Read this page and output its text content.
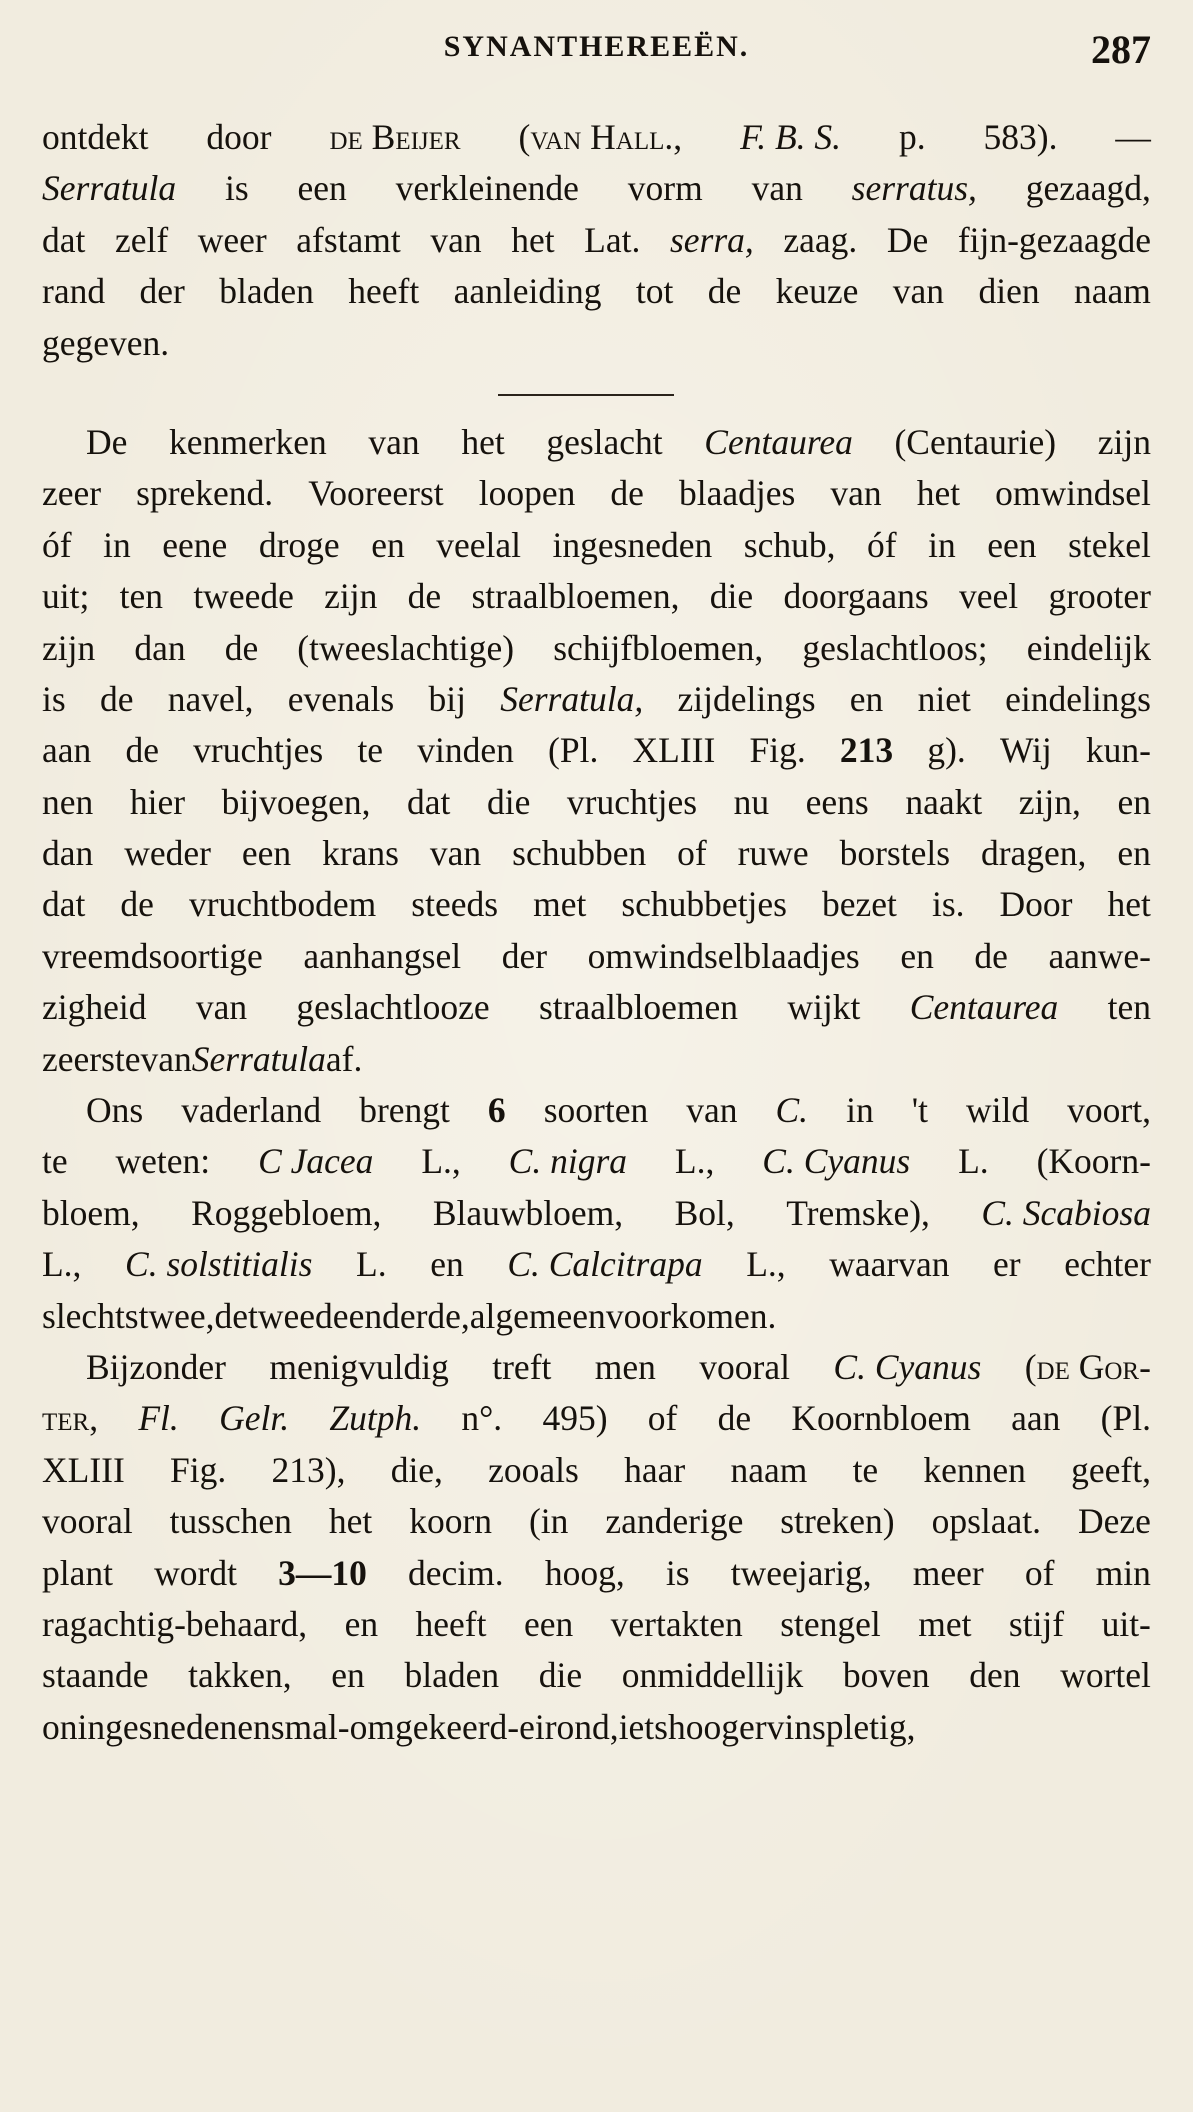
SYNANTHEREEËN.	287
ontdekt door de Beijer (van Hall., F. B. S. p. 583). —
Serratula is een verkleinende vorm van serratus, gezaagd,
dat zelf weer afstamt van het Lat. serra, zaag. De fijn-gezaagde
rand der bladen heeft aanleiding tot de keuze van dien naam
gegeven.
De kenmerken van het geslacht Centaurea (Centaurie) zijn
zeer sprekend. Vooreerst loopen de blaadjes van het omwindsel
óf in eene droge en veelal ingesneden schub, óf in een stekel
uit; ten tweede zijn de straalbloemen, die doorgaans veel grooter
zijn dan de (tweeslachtige) schijfbloemen, geslachtloos; eindelijk
is de navel, evenals bij Serratula, zijdelings en niet eindelings
aan de vruchtjes te vinden (Pl. XLIII Fig. 213 g). Wij kun-
nen hier bijvoegen, dat die vruchtjes nu eens naakt zijn, en
dan weder een krans van schubben of ruwe borstels dragen, en
dat de vruchtbodem steeds met schubbetjes bezet is. Door het
vreemdsoortige aanhangsel der omwindselblaadjes en de aanwe-
zigheid van geslachtlooze straalbloemen wijkt Centaurea ten
zeerste van Serratula af.
Ons vaderland brengt 6 soorten van C. in 't wild voort,
te weten: C Jacea L., C. nigra L., C. Cyanus L. (Koorn-
bloem, Roggebloem, Blauwbloem, Bol, Tremske), C. Scabiosa
L., C. solstitialis L. en C. Calcitrapa L., waarvan er echter
slechts twee, de tweede en derde, algemeen voorkomen.
Bijzonder menigvuldig treft men vooral C. Cyanus (de Gor-
ter, Fl. Gelr. Zutph. n°. 495) of de Koornbloem aan (Pl.
XLIII Fig. 213), die, zooals haar naam te kennen geeft,
vooral tusschen het koorn (in zanderige streken) opslaat. Deze
plant wordt 3—10 decim. hoog, is tweejarig, meer of min
ragachtig-behaard, en heeft een vertakten stengel met stijf uit-
staande takken, en bladen die onmiddellijk boven den wortel
oningesneden en smal-omgekeerd-eirond, iets hooger vinspletig,
